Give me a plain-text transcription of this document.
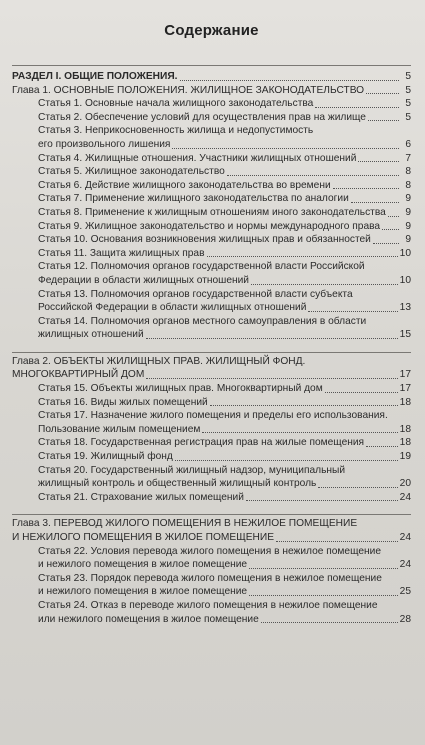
Содержание
РАЗДЕЛ I. ОБЩИЕ ПОЛОЖЕНИЯ.	5
Глава 1. ОСНОВНЫЕ ПОЛОЖЕНИЯ. ЖИЛИЩНОЕ ЗАКОНОДАТЕЛЬСТВО	5
Статья 1. Основные начала жилищного законодательства	5
Статья 2. Обеспечение условий для осуществления прав на жилище	5
Статья 3. Неприкосновенность жилища и недопустимость
его произвольного лишения	6
Статья 4. Жилищные отношения. Участники жилищных отношений	7
Статья 5. Жилищное законодательство	8
Статья 6. Действие жилищного законодательства во времени	8
Статья 7. Применение жилищного законодательства по аналогии	9
Статья 8. Применение к жилищным отношениям иного законодательства	9
Статья 9. Жилищное законодательство и нормы международного права	9
Статья 10. Основания возникновения жилищных прав и обязанностей	9
Статья 11. Защита жилищных прав	10
Статья 12. Полномочия органов государственной власти Российской
Федерации в области жилищных отношений	10
Статья 13. Полномочия органов государственной власти субъекта
Российской Федерации в области жилищных отношений	13
Статья 14. Полномочия органов местного самоуправления в области
жилищных отношений	15
Глава 2. ОБЪЕКТЫ ЖИЛИЩНЫХ ПРАВ. ЖИЛИЩНЫЙ ФОНД.
МНОГОКВАРТИРНЫЙ ДОМ	17
Статья 15. Объекты жилищных прав. Многоквартирный дом	17
Статья 16. Виды жилых помещений	18
Статья 17. Назначение жилого помещения и пределы его использования.
Пользование жилым помещением	18
Статья 18. Государственная регистрация прав на жилые помещения	18
Статья 19. Жилищный фонд	19
Статья 20. Государственный жилищный надзор, муниципальный
жилищный контроль и общественный жилищный контроль	20
Статья 21. Страхование жилых помещений	24
Глава 3. ПЕРЕВОД ЖИЛОГО ПОМЕЩЕНИЯ В НЕЖИЛОЕ ПОМЕЩЕНИЕ
И НЕЖИЛОГО ПОМЕЩЕНИЯ В ЖИЛОЕ ПОМЕЩЕНИЕ	24
Статья 22. Условия перевода жилого помещения в нежилое помещение
и нежилого помещения в жилое помещение	24
Статья 23. Порядок перевода жилого помещения в нежилое помещение
и нежилого помещения в жилое помещение	25
Статья 24. Отказ в переводе жилого помещения в нежилое помещение
или нежилого помещения в жилое помещение	28
